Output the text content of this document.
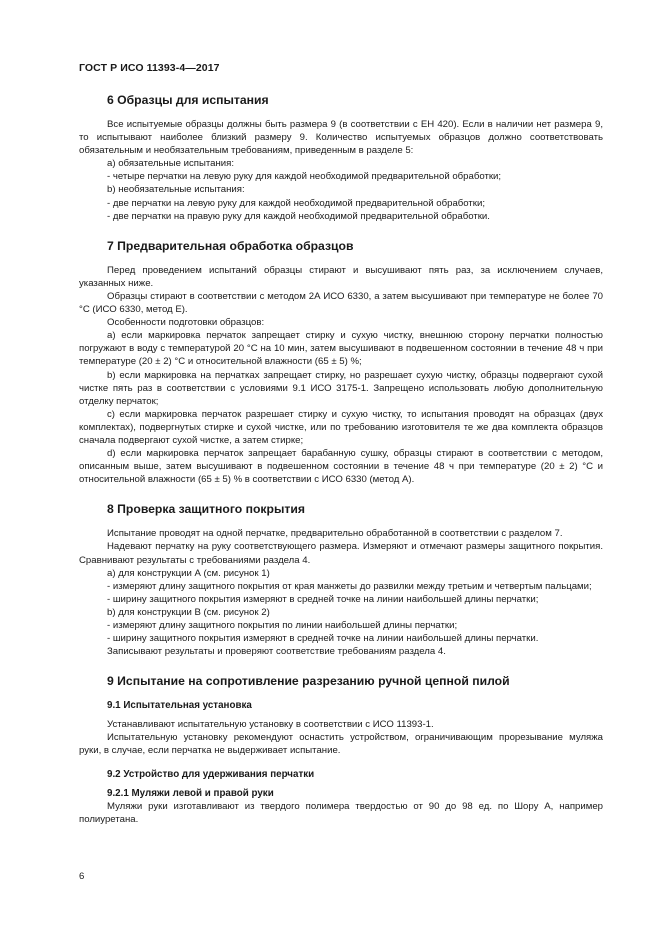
ГОСТ Р ИСО 11393-4—2017

6 Образцы для испытания

Все испытуемые образцы должны быть размера 9 (в соответствии с ЕН 420). Если в наличии нет размера 9, то испытывают наиболее близкий размеру 9. Количество испытуемых образцов должно соответствовать обязательным и необязательным требованиям, приведенным в разделе 5:

a) обязательные испытания:

- четыре перчатки на левую руку для каждой необходимой предварительной обработки;

b) необязательные испытания:

- две перчатки на левую руку для каждой необходимой предварительной обработки;

- две перчатки на правую руку для каждой необходимой предварительной обработки.

7 Предварительная обработка образцов

Перед проведением испытаний образцы стирают и высушивают пять раз, за исключением случаев, указанных ниже.

Образцы стирают в соответствии с методом 2А ИСО 6330, а затем высушивают при температуре не более 70 °С (ИСО 6330, метод Е).

Особенности подготовки образцов:

a) если маркировка перчаток запрещает стирку и сухую чистку, внешнюю сторону перчатки полностью погружают в воду с температурой 20 °С на 10 мин, затем высушивают в подвешенном состоянии в течение 48 ч при температуре (20 ± 2) °С и относительной влажности (65 ± 5) %;

b) если маркировка на перчатках запрещает стирку, но разрешает сухую чистку, образцы подвергают сухой чистке пять раз в соответствии с условиями 9.1 ИСО 3175-1. Запрещено использовать любую дополнительную отделку перчаток;

с) если маркировка перчаток разрешает стирку и сухую чистку, то испытания проводят на образцах (двух комплектах), подвергнутых стирке и сухой чистке, или по требованию изготовителя те же два комплекта образцов сначала подвергают сухой чистке, а затем стирке;

d) если маркировка перчаток запрещает барабанную сушку, образцы стирают в соответствии с методом, описанным выше, затем высушивают в подвешенном состоянии в течение 48 ч при температуре (20 ± 2) °С и относительной влажности (65 ± 5) % в соответствии с ИСО 6330 (метод А).

8 Проверка защитного покрытия

Испытание проводят на одной перчатке, предварительно обработанной в соответствии с разделом 7.

Надевают перчатку на руку соответствующего размера. Измеряют и отмечают размеры защитного покрытия. Сравнивают результаты с требованиями раздела 4.

a) для конструкции А (см. рисунок 1)

- измеряют длину защитного покрытия от края манжеты до развилки между третьим и четвертым пальцами;

- ширину защитного покрытия измеряют в средней точке на линии наибольшей длины перчатки;

b) для конструкции В (см. рисунок 2)

- измеряют длину защитного покрытия по линии наибольшей длины перчатки;

- ширину защитного покрытия измеряют в средней точке на линии наибольшей длины перчатки.

Записывают результаты и проверяют соответствие требованиям раздела 4.

9 Испытание на сопротивление разрезанию ручной цепной пилой

9.1 Испытательная установка

Устанавливают испытательную установку в соответствии с ИСО 11393-1.

Испытательную установку рекомендуют оснастить устройством, ограничивающим прорезывание муляжа руки, в случае, если перчатка не выдерживает испытание.

9.2 Устройство для удерживания перчатки

9.2.1 Муляжи левой и правой руки

Муляжи руки изготавливают из твердого полимера твердостью от 90 до 98 ед. по Шору А, например полиуретана.

6
